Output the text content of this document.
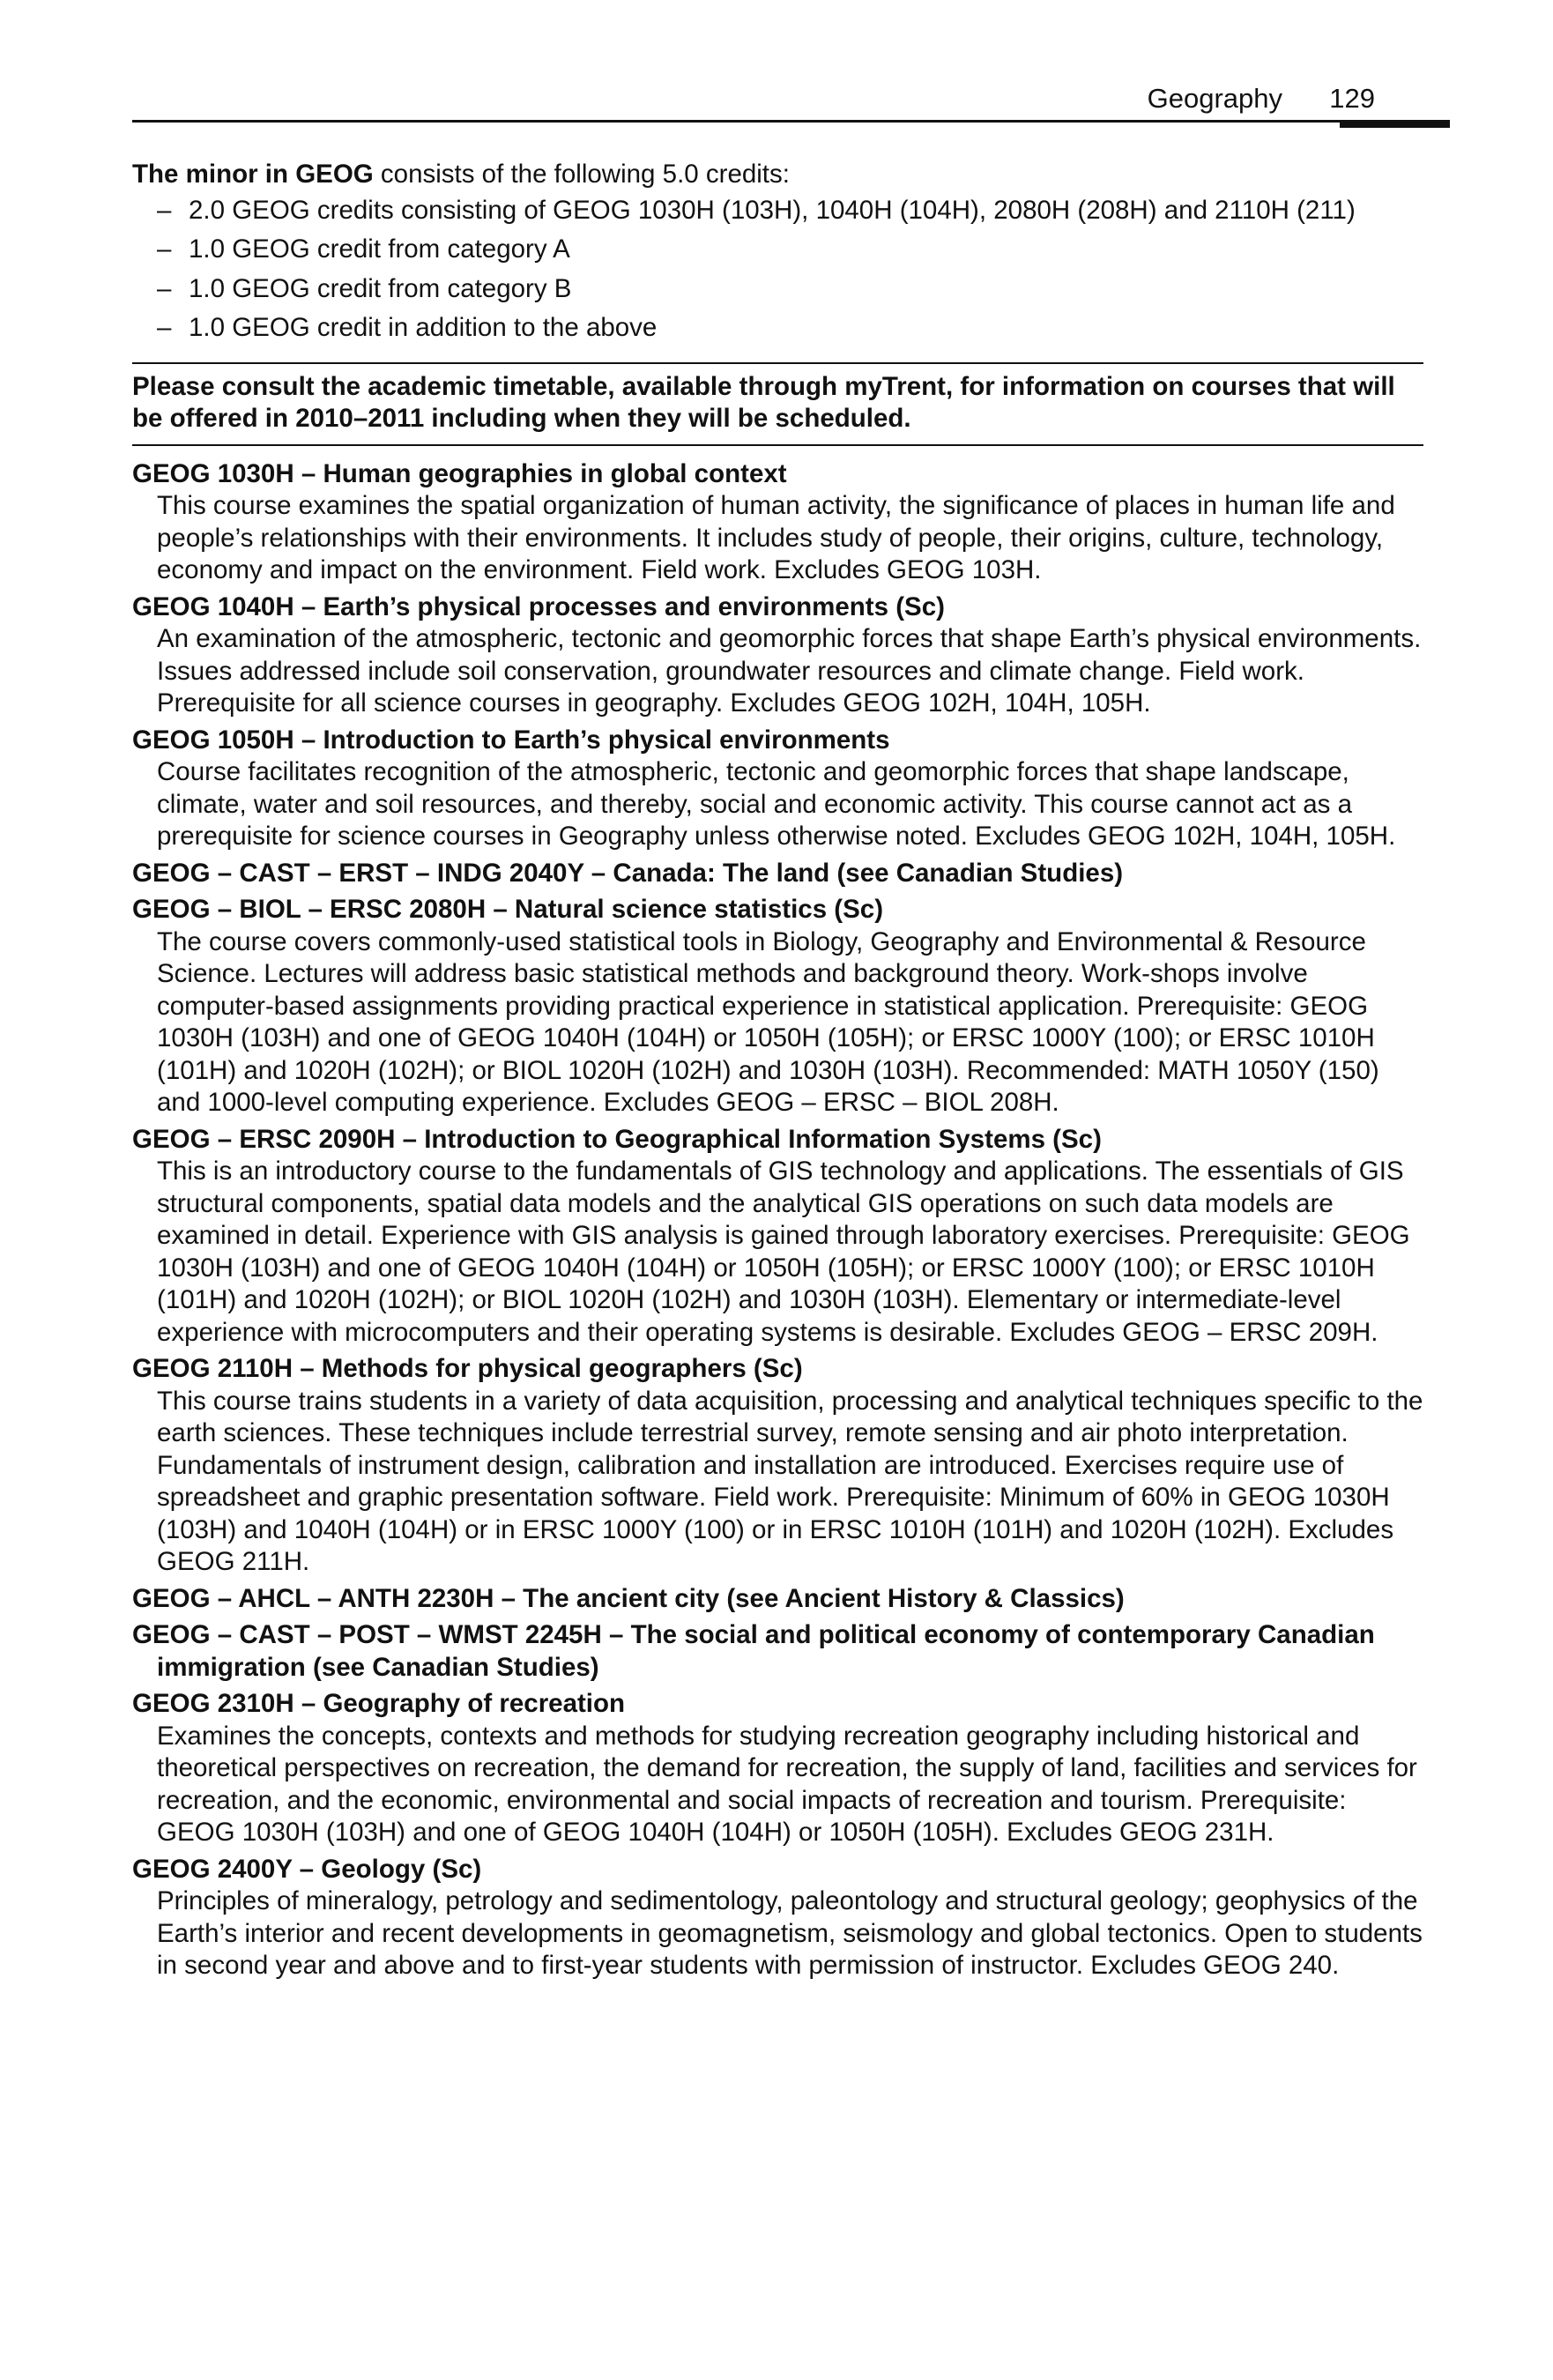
Geography 129

The minor in GEOG consists of the following 5.0 credits:

– 2.0 GEOG credits consisting of GEOG 1030H (103H), 1040H (104H), 2080H (208H) and 2110H (211)
– 1.0 GEOG credit from category A
– 1.0 GEOG credit from category B
– 1.0 GEOG credit in addition to the above
Please consult the academic timetable, available through myTrent, for information on courses that will be offered in 2010–2011 including when they will be scheduled.
GEOG 1030H – Human geographies in global context
This course examines the spatial organization of human activity, the significance of places in human life and people’s relationships with their environments. It includes study of people, their origins, culture, technology, economy and impact on the environment. Field work. Excludes GEOG 103H.
GEOG 1040H – Earth’s physical processes and environments (Sc)
An examination of the atmospheric, tectonic and geomorphic forces that shape Earth’s physical environments. Issues addressed include soil conservation, groundwater resources and climate change. Field work. Prerequisite for all science courses in geography. Excludes GEOG 102H, 104H, 105H.
GEOG 1050H – Introduction to Earth’s physical environments
Course facilitates recognition of the atmospheric, tectonic and geomorphic forces that shape landscape, climate, water and soil resources, and thereby, social and economic activity. This course cannot act as a prerequisite for science courses in Geography unless otherwise noted. Excludes GEOG 102H, 104H, 105H.
GEOG – CAST – ERST – INDG 2040Y – Canada: The land (see Canadian Studies)
GEOG – BIOL – ERSC 2080H – Natural science statistics (Sc)
The course covers commonly-used statistical tools in Biology, Geography and Environmental & Resource Science. Lectures will address basic statistical methods and background theory. Work-shops involve computer-based assignments providing practical experience in statistical application. Prerequisite: GEOG 1030H (103H) and one of GEOG 1040H (104H) or 1050H (105H); or ERSC 1000Y (100); or ERSC 1010H (101H) and 1020H (102H); or BIOL 1020H (102H) and 1030H (103H). Recommended: MATH 1050Y (150) and 1000-level computing experience. Excludes GEOG – ERSC – BIOL 208H.
GEOG – ERSC 2090H – Introduction to Geographical Information Systems (Sc)
This is an introductory course to the fundamentals of GIS technology and applications. The essentials of GIS structural components, spatial data models and the analytical GIS operations on such data models are examined in detail. Experience with GIS analysis is gained through laboratory exercises. Prerequisite: GEOG 1030H (103H) and one of GEOG 1040H (104H) or 1050H (105H); or ERSC 1000Y (100); or ERSC 1010H (101H) and 1020H (102H); or BIOL 1020H (102H) and 1030H (103H). Elementary or intermediate-level experience with microcomputers and their operating systems is desirable. Excludes GEOG – ERSC 209H.
GEOG 2110H – Methods for physical geographers (Sc)
This course trains students in a variety of data acquisition, processing and analytical techniques specific to the earth sciences. These techniques include terrestrial survey, remote sensing and air photo interpretation. Fundamentals of instrument design, calibration and installation are introduced. Exercises require use of spreadsheet and graphic presentation software. Field work. Prerequisite: Minimum of 60% in GEOG 1030H (103H) and 1040H (104H) or in ERSC 1000Y (100) or in ERSC 1010H (101H) and 1020H (102H). Excludes GEOG 211H.
GEOG – AHCL – ANTH 2230H – The ancient city (see Ancient History & Classics)
GEOG – CAST – POST – WMST 2245H – The social and political economy of contemporary Canadian immigration (see Canadian Studies)
GEOG 2310H – Geography of recreation
Examines the concepts, contexts and methods for studying recreation geography including historical and theoretical perspectives on recreation, the demand for recreation, the supply of land, facilities and services for recreation, and the economic, environmental and social impacts of recreation and tourism. Prerequisite: GEOG 1030H (103H) and one of GEOG 1040H (104H) or 1050H (105H). Excludes GEOG 231H.
GEOG 2400Y – Geology (Sc)
Principles of mineralogy, petrology and sedimentology, paleontology and structural geology; geophysics of the Earth’s interior and recent developments in geomagnetism, seismology and global tectonics. Open to students in second year and above and to first-year students with permission of instructor. Excludes GEOG 240.
